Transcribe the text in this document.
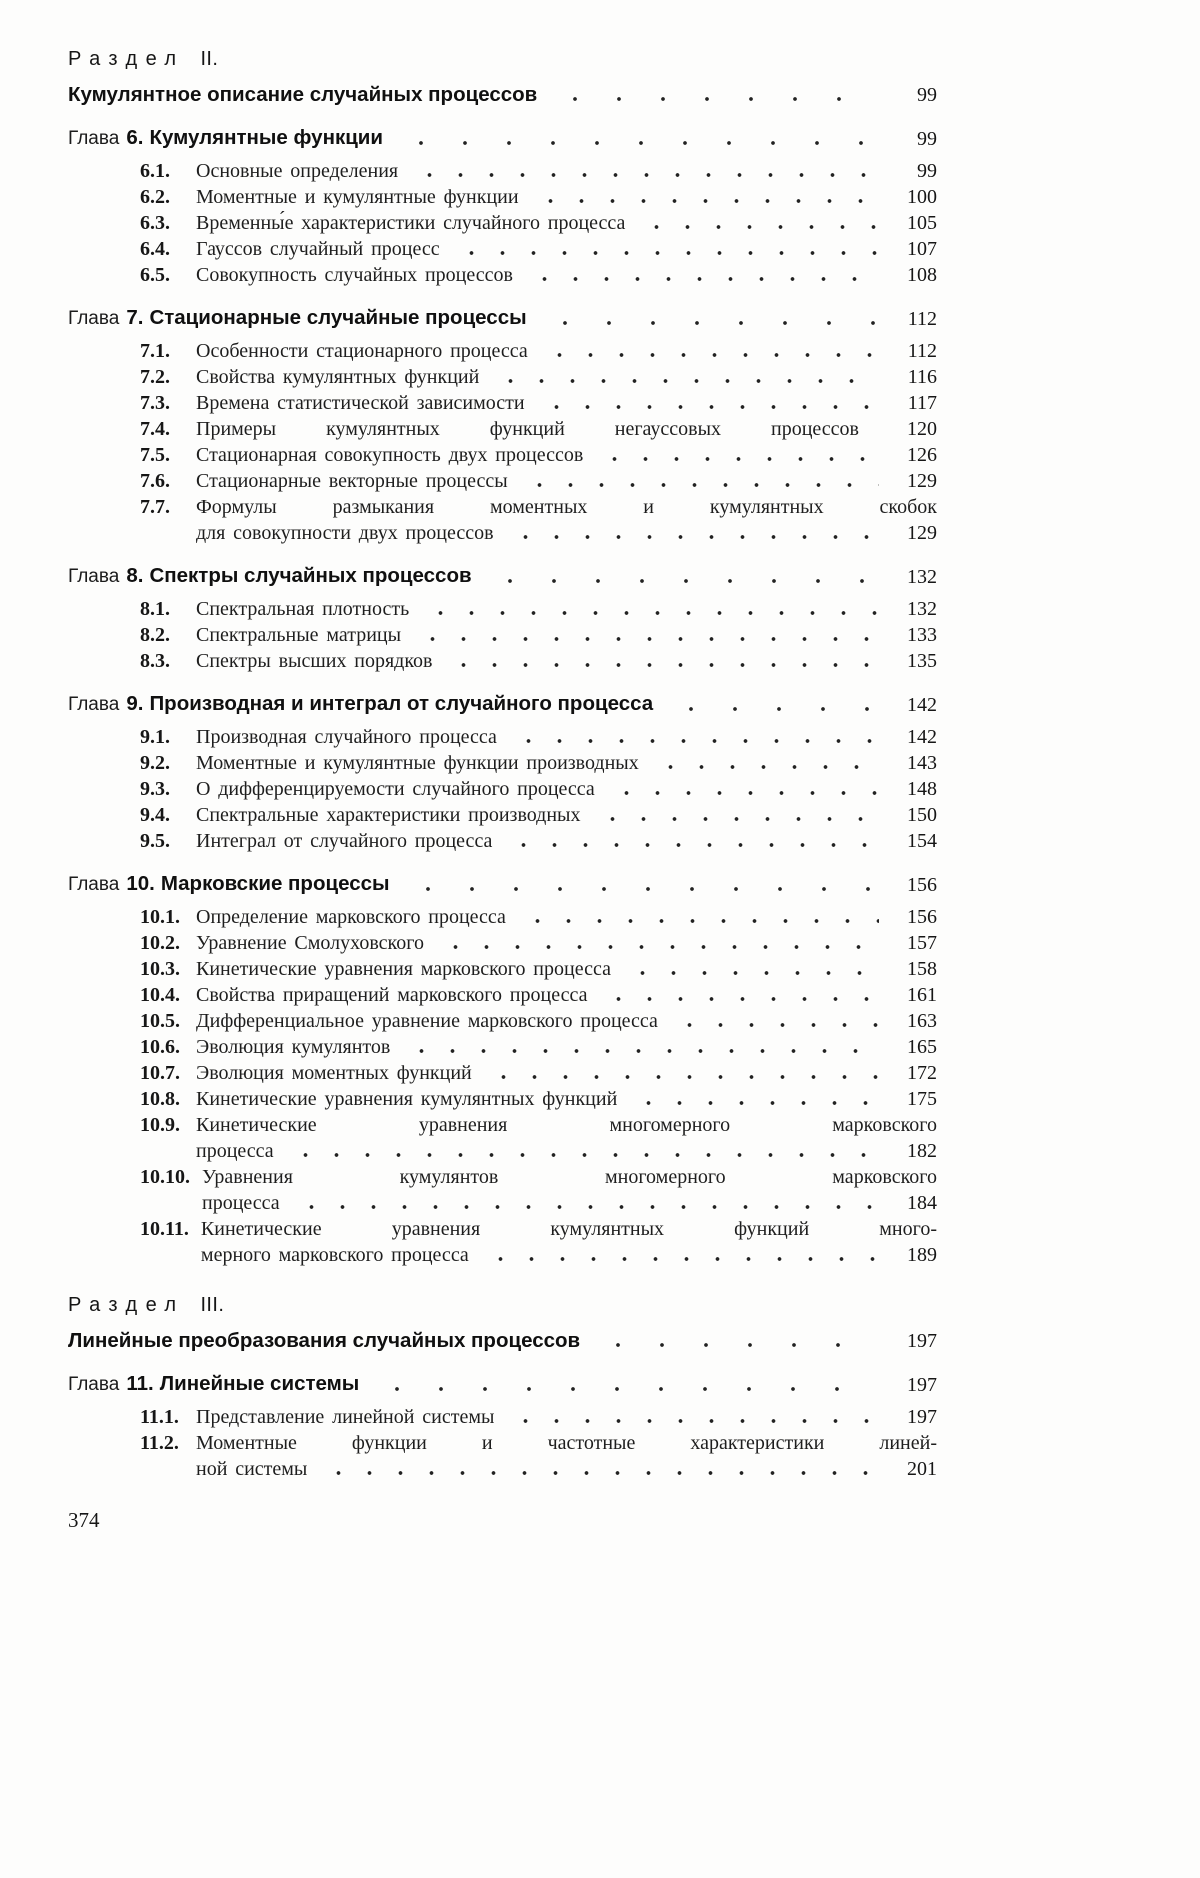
Раздел II.
Кумулянтное описание случайных процессов	99
Глава 6. Кумулянтные функции	99
6.1.	Основные определения	99
6.2.	Моментные и кумулянтные функции	100
6.3.	Временны́е характеристики случайного процесса	105
6.4.	Гауссов случайный процесс	107
6.5.	Совокупность случайных процессов	108
Глава 7. Стационарные случайные процессы	112
7.1.	Особенности стационарного процесса	112
7.2.	Свойства кумулянтных функций	116
7.3.	Времена статистической зависимости	117
7.4.	Примеры кумулянтных функций негауссовых процессов	120
7.5.	Стационарная совокупность двух процессов	126
7.6.	Стационарные векторные процессы	129
7.7.	Формулы размыкания моментных и кумулянтных скобок
для совокупности двух процессов	129
Глава 8. Спектры случайных процессов	132
8.1.	Спектральная плотность	132
8.2.	Спектральные матрицы	133
8.3.	Спектры высших порядков	135
Глава 9. Производная и интеграл от случайного процесса	142
9.1.	Производная случайного процесса	142
9.2.	Моментные и кумулянтные функции производных	143
9.3.	О дифференцируемости случайного процесса	148
9.4.	Спектральные характеристики производных	150
9.5.	Интеграл от случайного процесса	154
Глава 10. Марковские процессы	156
10.1. Определение марковского процесса	156
10.2. Уравнение Смолуховского	157
10.3. Кинетические уравнения марковского процесса	158
10.4. Свойства приращений марковского процесса	161
10.5. Дифференциальное уравнение марковского процесса	163
10.6. Эволюция кумулянтов	165
10.7. Эволюция моментных функций	172
10.8. Кинетические уравнения кумулянтных функций	175
10.9. Кинетические уравнения многомерного марковского
процесса	182
10.10. Уравнения кумулянтов многомерного марковского
процесса	184
10.11. Кинетические уравнения кумулянтных функций много-
мерного марковского процесса	189
Раздел III.
Линейные преобразования случайных процессов	197
Глава 11. Линейные системы	197
11.1. Представление линейной системы	197
11.2. Моментные функции и частотные характеристики линей-
ной системы	201
374
